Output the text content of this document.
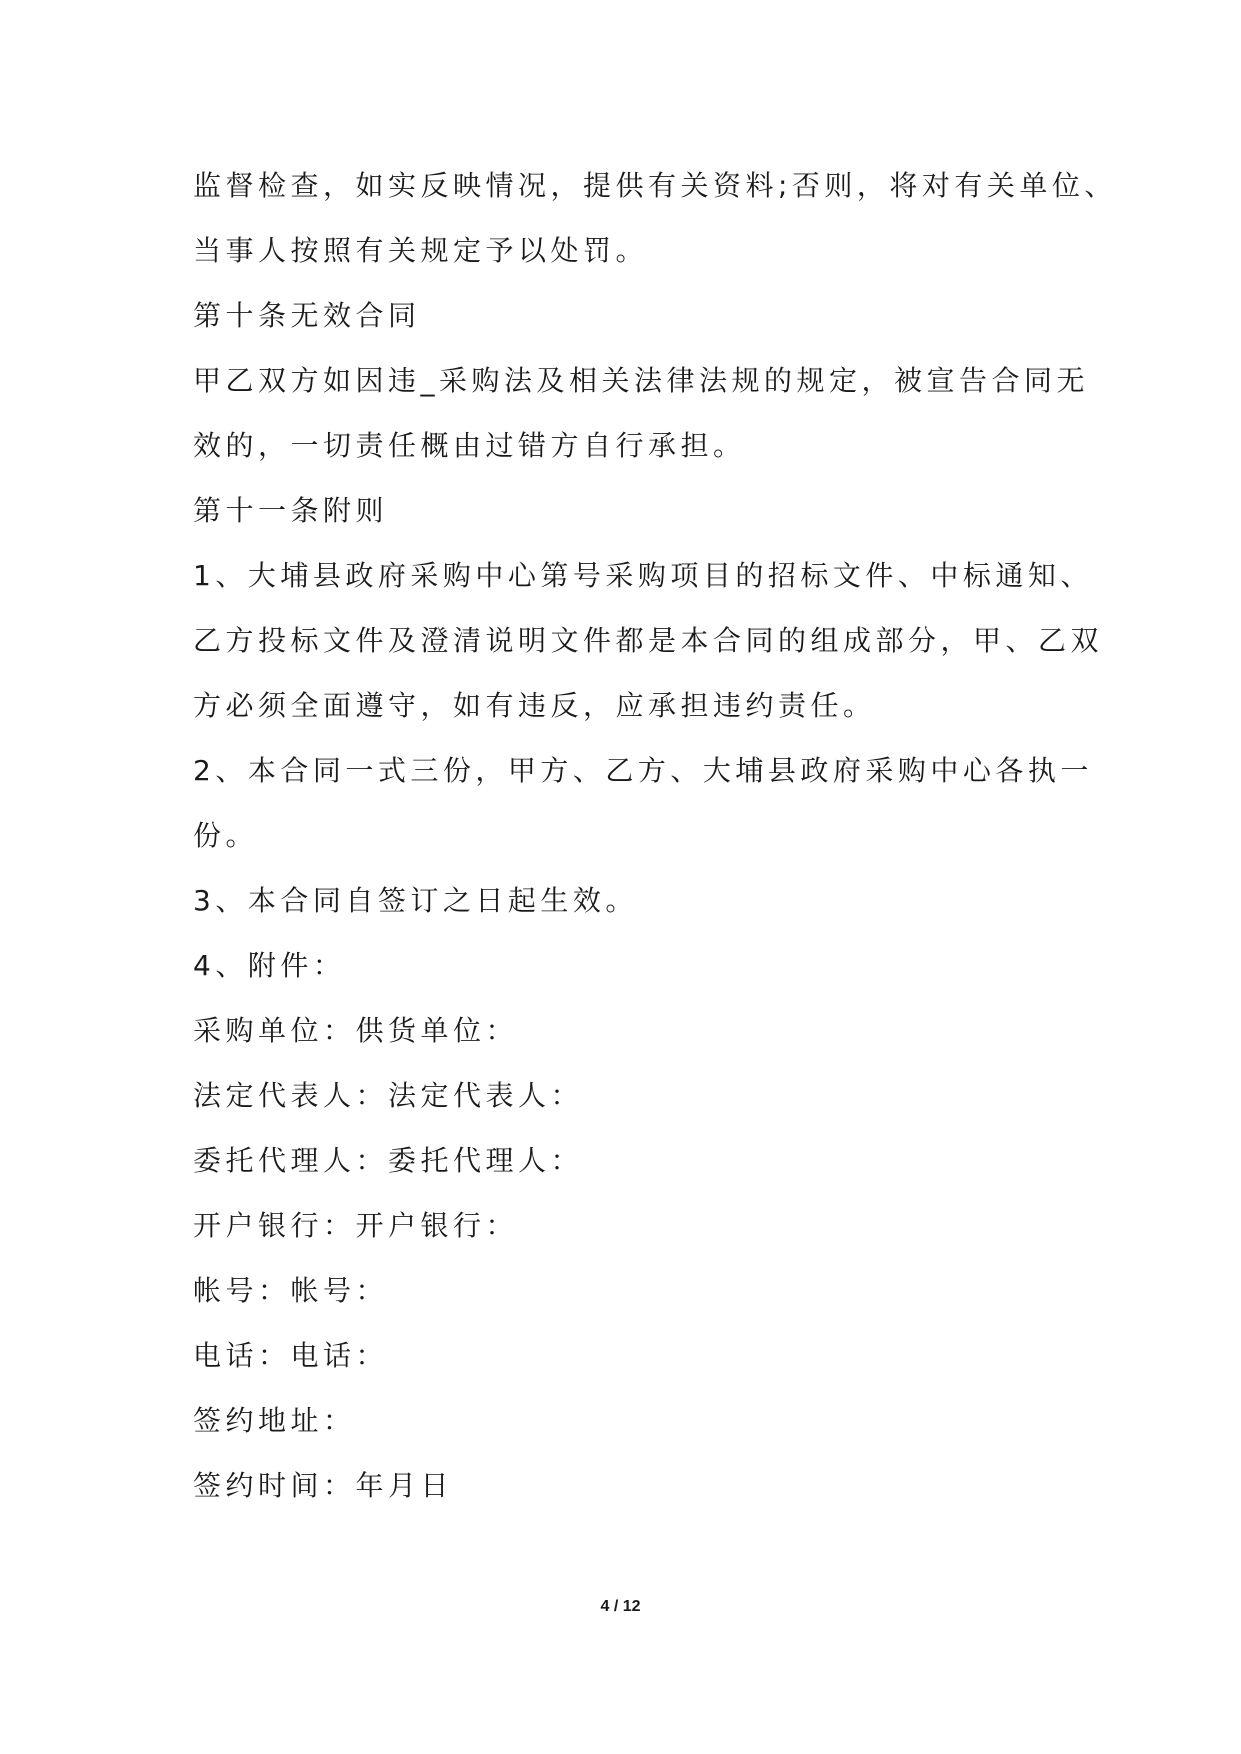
监督检查，如实反映情况，提供有关资料;否则，将对有关单位、
当事人按照有关规定予以处罚。
第十条无效合同
甲乙双方如因违_采购法及相关法律法规的规定，被宣告合同无
效的，一切责任概由过错方自行承担。
第十一条附则
1、大埔县政府采购中心第号采购项目的招标文件、中标通知、
乙方投标文件及澄清说明文件都是本合同的组成部分，甲、乙双
方必须全面遵守，如有违反，应承担违约责任。
2、本合同一式三份，甲方、乙方、大埔县政府采购中心各执一
份。
3、本合同自签订之日起生效。
4、附件：
采购单位：供货单位：
法定代表人：法定代表人：
委托代理人：委托代理人：
开户银行：开户银行：
帐号：帐号：
电话：电话：
签约地址：
签约时间：年月日
4 / 12
